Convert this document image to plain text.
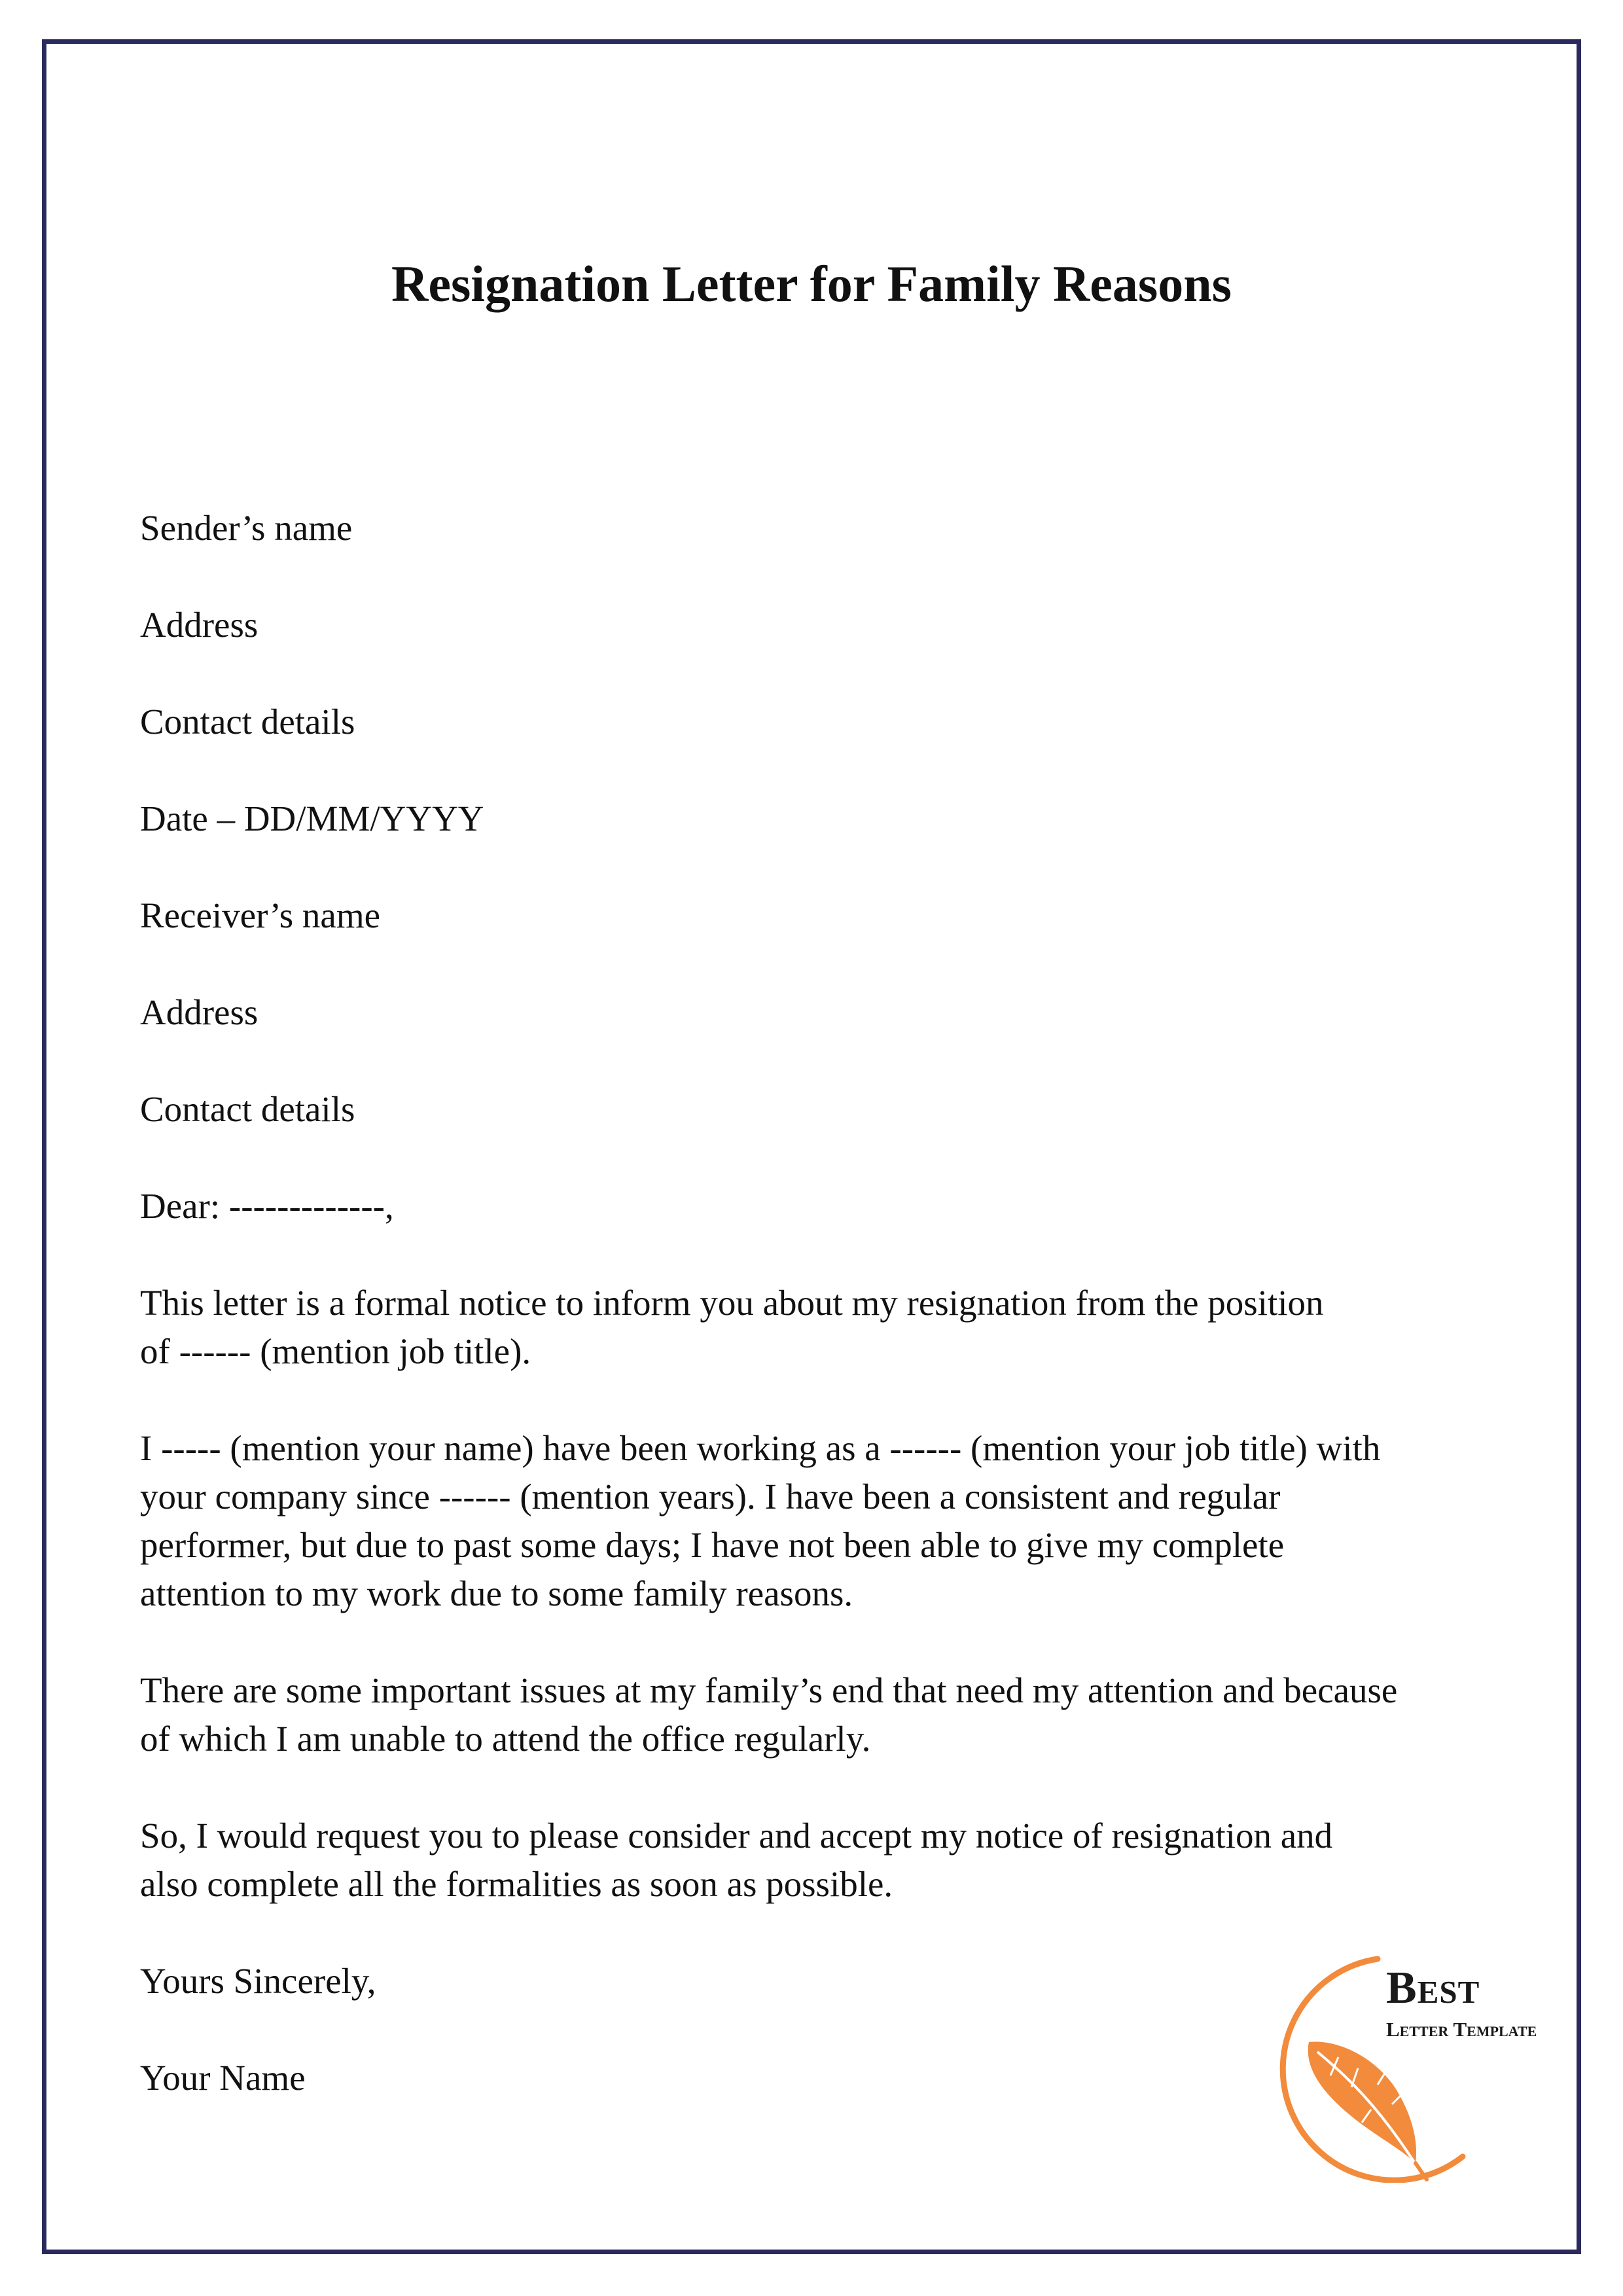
Resignation Letter for Family Reasons

Sender’s name

Address

Contact details

Date – DD/MM/YYYY

Receiver’s name

Address

Contact details

Dear: -------------,

This letter is a formal notice to inform you about my resignation from the position
of ------ (mention job title).
I ----- (mention your name) have been working as a ------ (mention your job title) with
your company since ------ (mention years). I have been a consistent and regular
performer, but due to past some days; I have not been able to give my complete
attention to my work due to some family reasons.
There are some important issues at my family’s end that need my attention and because
of which I am unable to attend the office regularly.
So, I would request you to please consider and accept my notice of resignation and
also complete all the formalities as soon as possible.

Yours Sincerely,

Your Name

Best
Letter Template
